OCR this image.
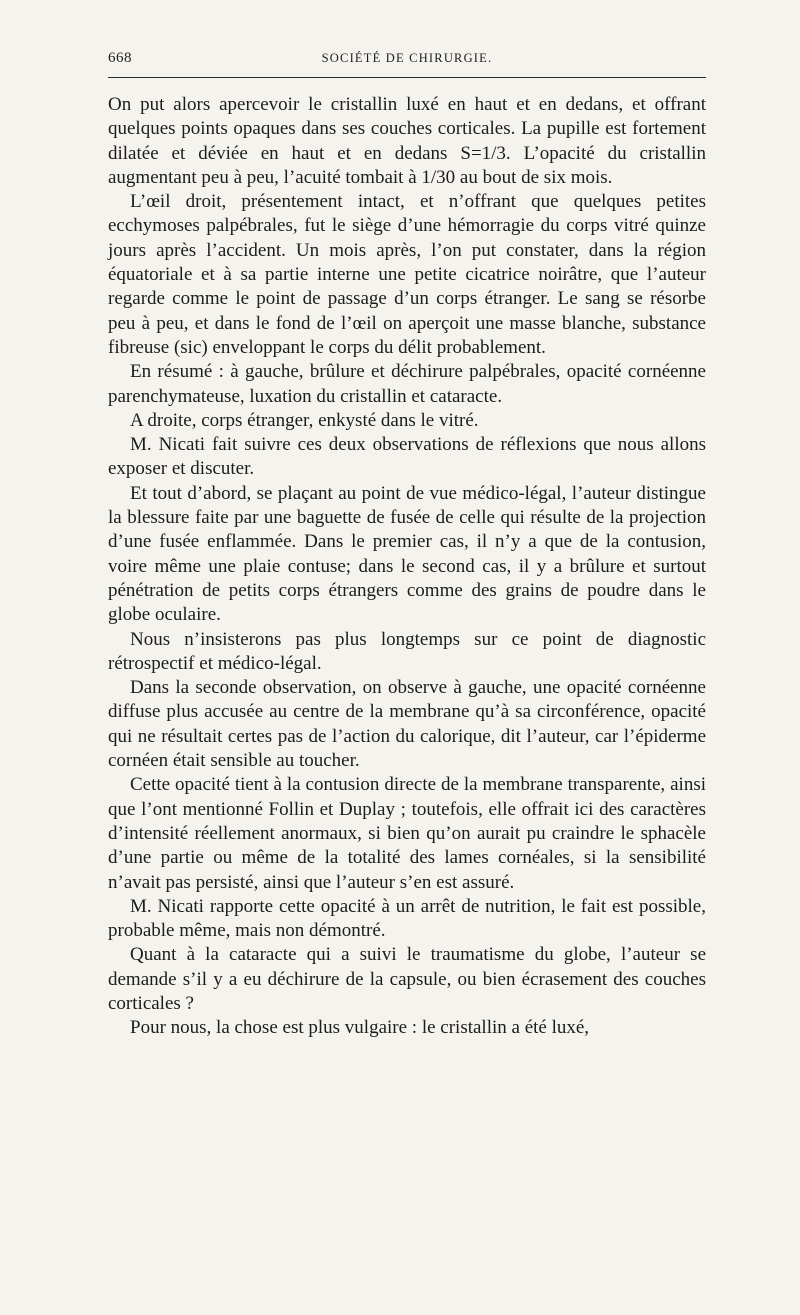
668	SOCIÉTÉ DE CHIRURGIE.

On put alors apercevoir le cristallin luxé en haut et en dedans, et offrant quelques points opaques dans ses couches corticales. La pupille est fortement dilatée et déviée en haut et en dedans S=1/3. L’opacité du cristallin augmentant peu à peu, l’acuité tombait à 1/30 au bout de six mois.

L’œil droit, présentement intact, et n’offrant que quelques petites ecchymoses palpébrales, fut le siège d’une hémorragie du corps vitré quinze jours après l’accident. Un mois après, l’on put constater, dans la région équatoriale et à sa partie interne une petite cicatrice noirâtre, que l’auteur regarde comme le point de passage d’un corps étranger. Le sang se résorbe peu à peu, et dans le fond de l’œil on aperçoit une masse blanche, substance fibreuse (sic) enveloppant le corps du délit probablement.

En résumé : à gauche, brûlure et déchirure palpébrales, opacité cornéenne parenchymateuse, luxation du cristallin et cataracte.

A droite, corps étranger, enkysté dans le vitré.

M. Nicati fait suivre ces deux observations de réflexions que nous allons exposer et discuter.

Et tout d’abord, se plaçant au point de vue médico-légal, l’auteur distingue la blessure faite par une baguette de fusée de celle qui résulte de la projection d’une fusée enflammée. Dans le premier cas, il n’y a que de la contusion, voire même une plaie contuse; dans le second cas, il y a brûlure et surtout pénétration de petits corps étrangers comme des grains de poudre dans le globe oculaire.

Nous n’insisterons pas plus longtemps sur ce point de diagnostic rétrospectif et médico-légal.

Dans la seconde observation, on observe à gauche, une opacité cornéenne diffuse plus accusée au centre de la membrane qu’à sa circonférence, opacité qui ne résultait certes pas de l’action du calorique, dit l’auteur, car l’épiderme cornéen était sensible au toucher.

Cette opacité tient à la contusion directe de la membrane transparente, ainsi que l’ont mentionné Follin et Duplay ; toutefois, elle offrait ici des caractères d’intensité réellement anormaux, si bien qu’on aurait pu craindre le sphacèle d’une partie ou même de la totalité des lames cornéales, si la sensibilité n’avait pas persisté, ainsi que l’auteur s’en est assuré.

M. Nicati rapporte cette opacité à un arrêt de nutrition, le fait est possible, probable même, mais non démontré.

Quant à la cataracte qui a suivi le traumatisme du globe, l’auteur se demande s’il y a eu déchirure de la capsule, ou bien écrasement des couches corticales ?

Pour nous, la chose est plus vulgaire : le cristallin a été luxé,
